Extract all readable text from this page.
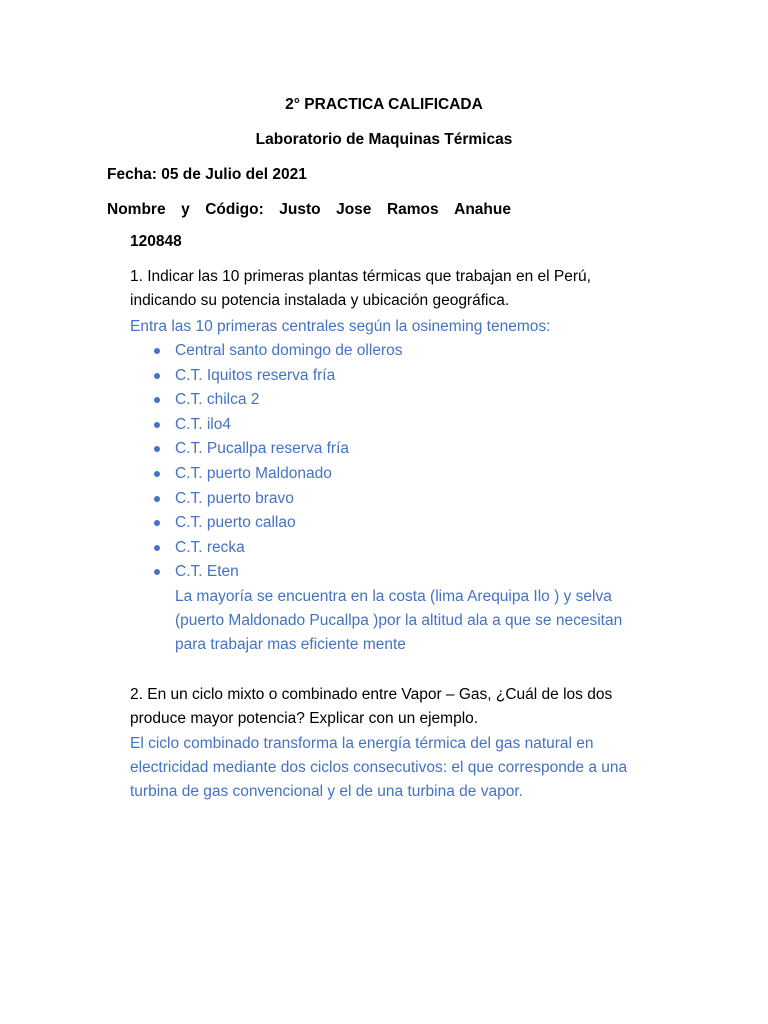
2° PRACTICA CALIFICADA
Laboratorio de Maquinas Térmicas
Fecha: 05 de Julio del 2021
Nombre y Código: Justo Jose Ramos Anahue
120848
1. Indicar las 10 primeras plantas térmicas que trabajan en el Perú,
indicando su potencia instalada y ubicación geográfica.
Entra las 10 primeras centrales según la osineming tenemos:
Central santo domingo de olleros
C.T. Iquitos reserva fría
C.T. chilca 2
C.T. ilo4
C.T. Pucallpa reserva fría
C.T. puerto Maldonado
C.T. puerto bravo
C.T. puerto callao
C.T. recka
C.T. Eten
La mayoría se encuentra en la costa (lima Arequipa Ilo ) y selva
(puerto Maldonado Pucallpa )por la altitud ala a que se necesitan
para trabajar mas eficiente mente
2. En un ciclo mixto o combinado entre Vapor – Gas, ¿Cuál de los dos
produce mayor potencia? Explicar con un ejemplo.
El ciclo combinado transforma la energía térmica del gas natural en
electricidad mediante dos ciclos consecutivos: el que corresponde a una
turbina de gas convencional y el de una turbina de vapor.
